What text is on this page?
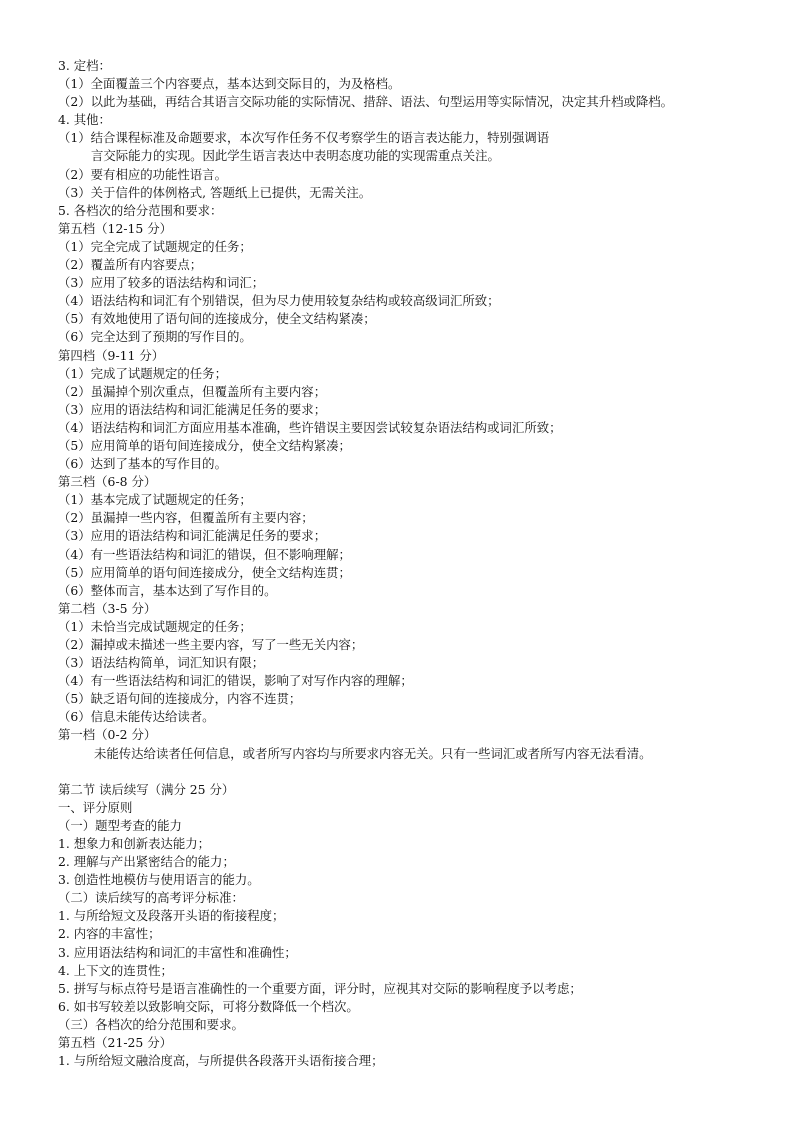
3. 定档：
（1）全面覆盖三个内容要点，基本达到交际目的，为及格档。
（2）以此为基础，再结合其语言交际功能的实际情况、措辞、语法、句型运用等实际情况，决定其升档或降档。
4. 其他：
（1）结合课程标准及命题要求，本次写作任务不仅考察学生的语言表达能力，特别强调语
言交际能力的实现。因此学生语言表达中表明态度功能的实现需重点关注。
（2）要有相应的功能性语言。
（3）关于信件的体例格式, 答题纸上已提供，无需关注。
5. 各档次的给分范围和要求：
第五档（12-15 分）
（1）完全完成了试题规定的任务；
（2）覆盖所有内容要点；
（3）应用了较多的语法结构和词汇；
（4）语法结构和词汇有个别错误，但为尽力使用较复杂结构或较高级词汇所致；
（5）有效地使用了语句间的连接成分，使全文结构紧凑；
（6）完全达到了预期的写作目的。
第四档（9-11 分）
（1）完成了试题规定的任务；
（2）虽漏掉个别次重点，但覆盖所有主要内容；
（3）应用的语法结构和词汇能满足任务的要求；
（4）语法结构和词汇方面应用基本准确，些许错误主要因尝试较复杂语法结构或词汇所致；
（5）应用简单的语句间连接成分，使全文结构紧凑；
（6）达到了基本的写作目的。
第三档（6-8 分）
（1）基本完成了试题规定的任务；
（2）虽漏掉一些内容，但覆盖所有主要内容；
（3）应用的语法结构和词汇能满足任务的要求；
（4）有一些语法结构和词汇的错误，但不影响理解；
（5）应用简单的语句间连接成分，使全文结构连贯；
（6）整体而言，基本达到了写作目的。
第二档（3-5 分）
（1）未恰当完成试题规定的任务；
（2）漏掉或未描述一些主要内容，写了一些无关内容；
（3）语法结构简单，词汇知识有限；
（4）有一些语法结构和词汇的错误，影响了对写作内容的理解；
（5）缺乏语句间的连接成分，内容不连贯；
（6）信息未能传达给读者。
第一档（0-2 分）
未能传达给读者任何信息，或者所写内容均与所要求内容无关。只有一些词汇或者所写内容无法看清。
第二节 读后续写（满分 25 分）
一、评分原则
（一）题型考查的能力
1. 想象力和创新表达能力；
2. 理解与产出紧密结合的能力；
3. 创造性地模仿与使用语言的能力。
（二）读后续写的高考评分标准：
1. 与所给短文及段落开头语的衔接程度；
2. 内容的丰富性；
3. 应用语法结构和词汇的丰富性和准确性；
4. 上下文的连贯性；
5. 拼写与标点符号是语言准确性的一个重要方面，评分时，应视其对交际的影响程度予以考虑；
6. 如书写较差以致影响交际，可将分数降低一个档次。
（三）各档次的给分范围和要求。
第五档（21-25 分）
1. 与所给短文融洽度高，与所提供各段落开头语衔接合理；
